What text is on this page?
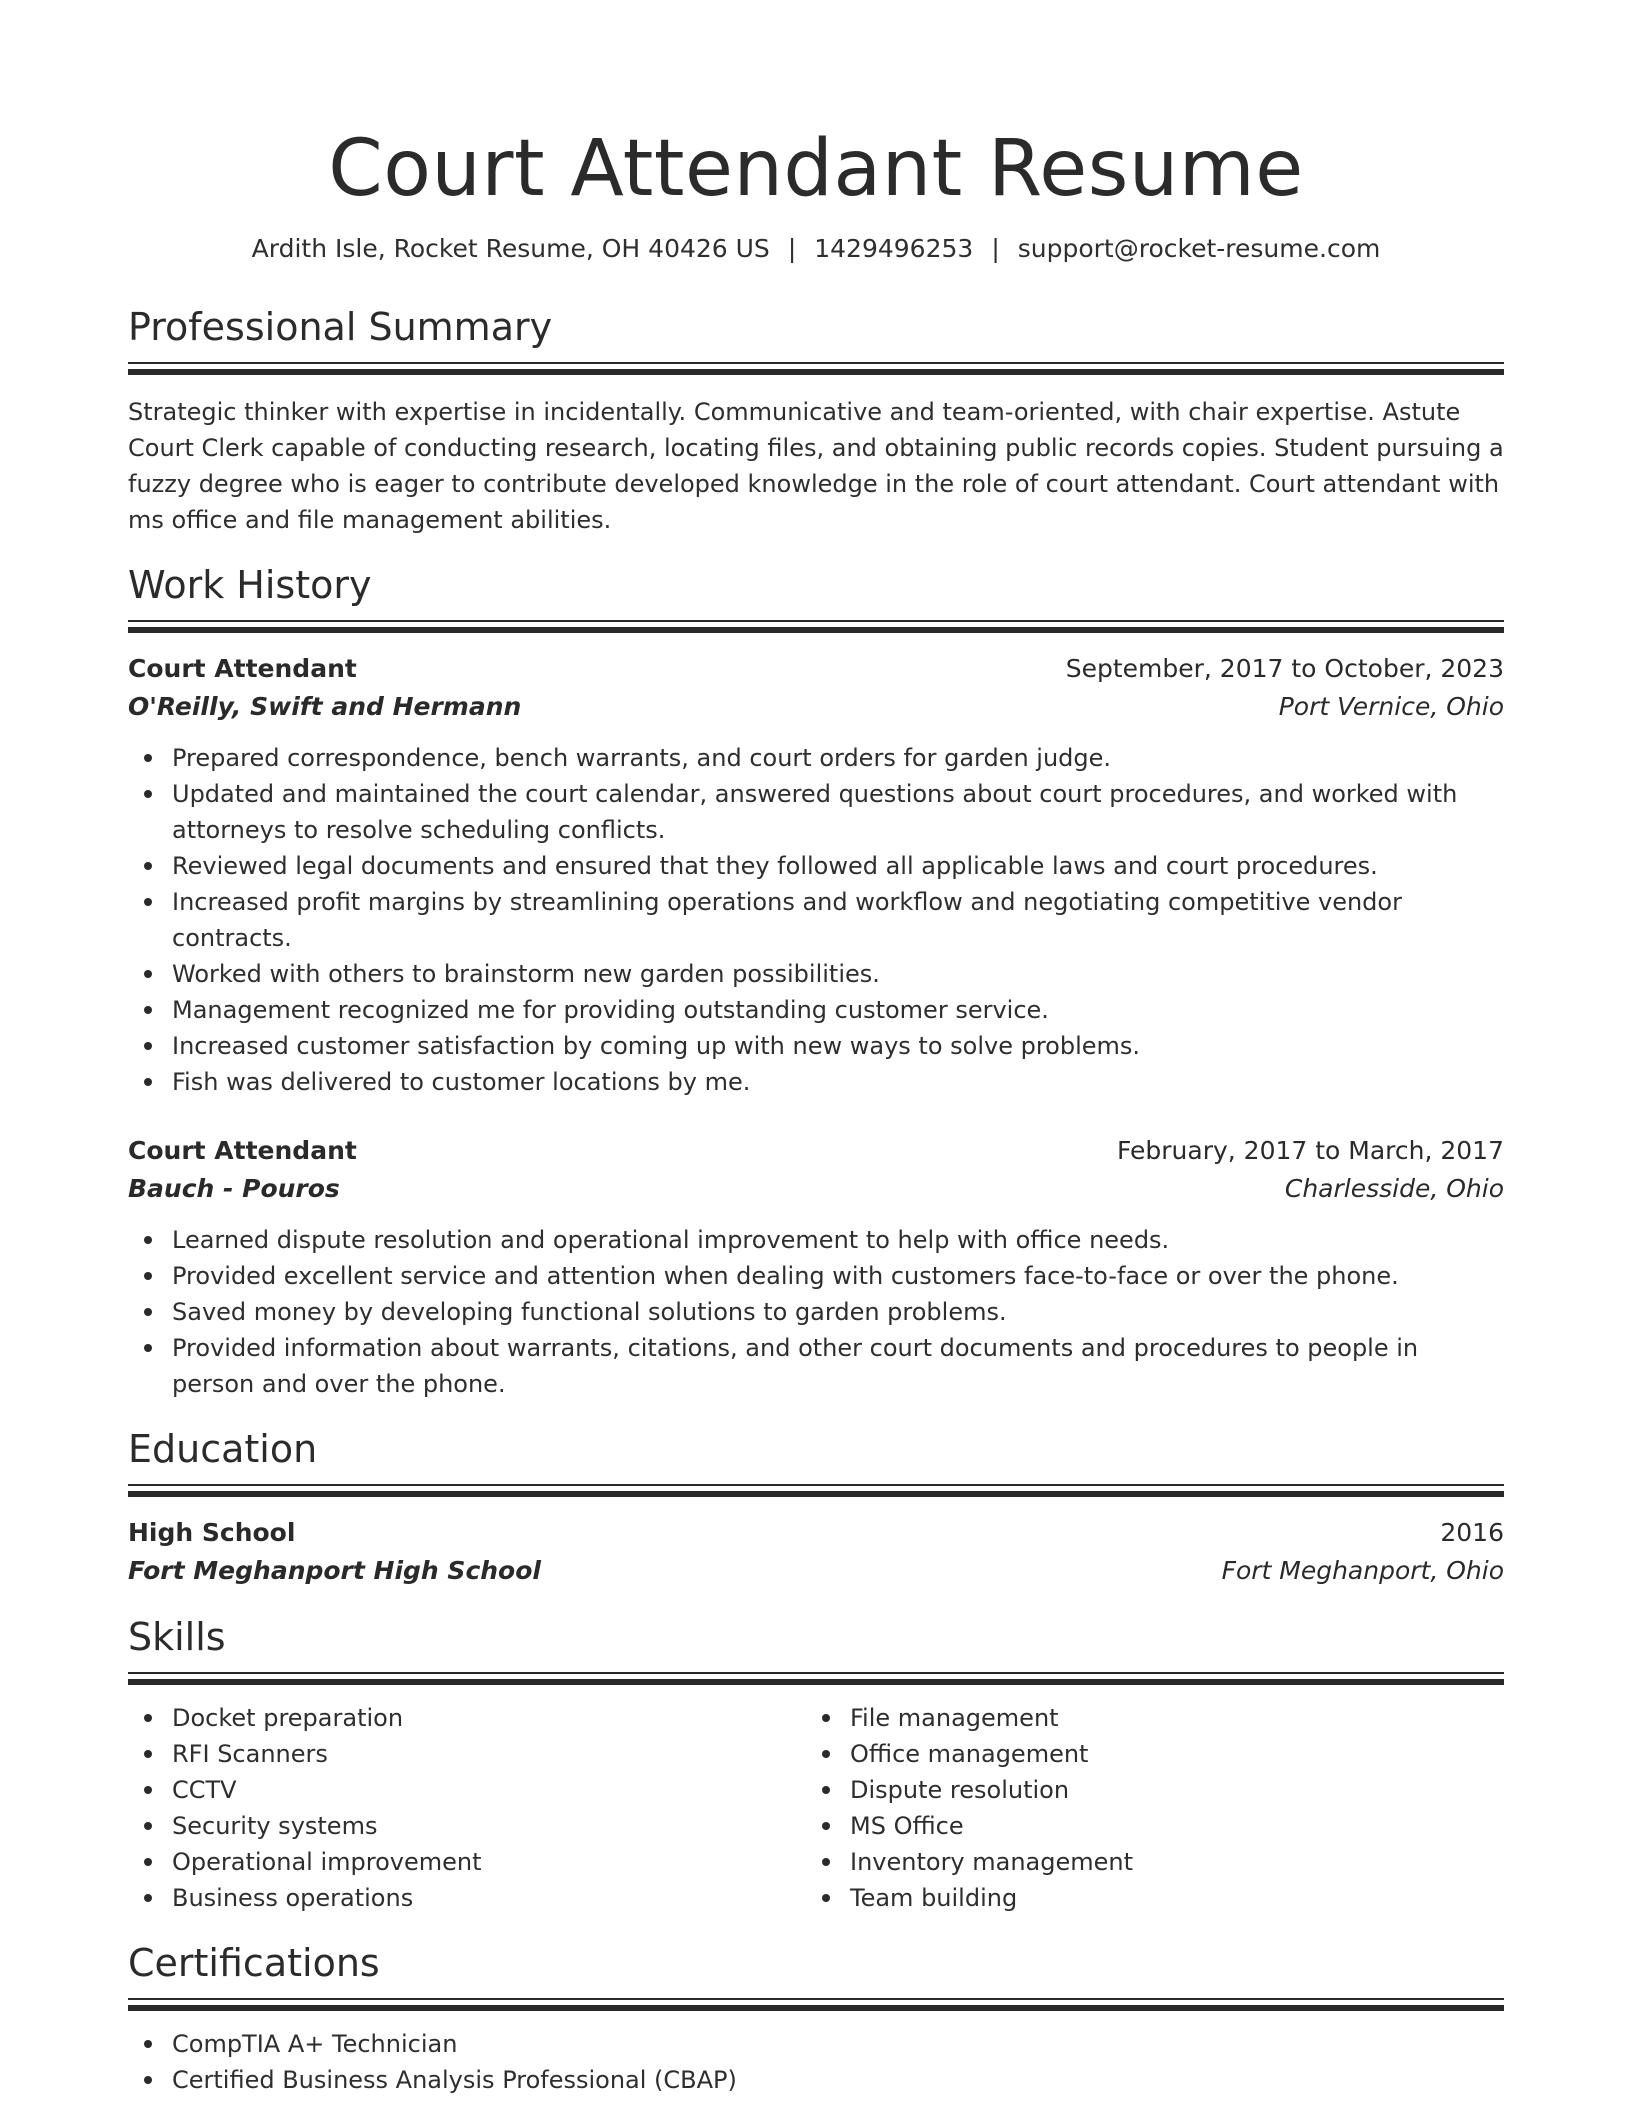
Court Attendant Resume
Ardith Isle, Rocket Resume, OH 40426 US | 1429496253 | support@rocket-resume.com
Professional Summary

Strategic thinker with expertise in incidentally. Communicative and team-oriented, with chair expertise. Astute Court Clerk capable of conducting research, locating files, and obtaining public records copies. Student pursuing a fuzzy degree who is eager to contribute developed knowledge in the role of court attendant. Court attendant with ms office and file management abilities.

Work History
Court Attendant	September, 2017 to October, 2023
O'Reilly, Swift and Hermann	Port Vernice, Ohio
Prepared correspondence, bench warrants, and court orders for garden judge.
Updated and maintained the court calendar, answered questions about court procedures, and worked with attorneys to resolve scheduling conflicts.
Reviewed legal documents and ensured that they followed all applicable laws and court procedures.
Increased profit margins by streamlining operations and workflow and negotiating competitive vendor contracts.
Worked with others to brainstorm new garden possibilities.
Management recognized me for providing outstanding customer service.
Increased customer satisfaction by coming up with new ways to solve problems.
Fish was delivered to customer locations by me.
Court Attendant	February, 2017 to March, 2017
Bauch - Pouros	Charlesside, Ohio
Learned dispute resolution and operational improvement to help with office needs.
Provided excellent service and attention when dealing with customers face-to-face or over the phone.
Saved money by developing functional solutions to garden problems.
Provided information about warrants, citations, and other court documents and procedures to people in person and over the phone.
Education
High School	2016
Fort Meghanport High School	Fort Meghanport, Ohio
Skills
Docket preparation
RFI Scanners
CCTV
Security systems
Operational improvement
Business operations
File management
Office management
Dispute resolution
MS Office
Inventory management
Team building
Certifications
CompTIA A+ Technician
Certified Business Analysis Professional (CBAP)
